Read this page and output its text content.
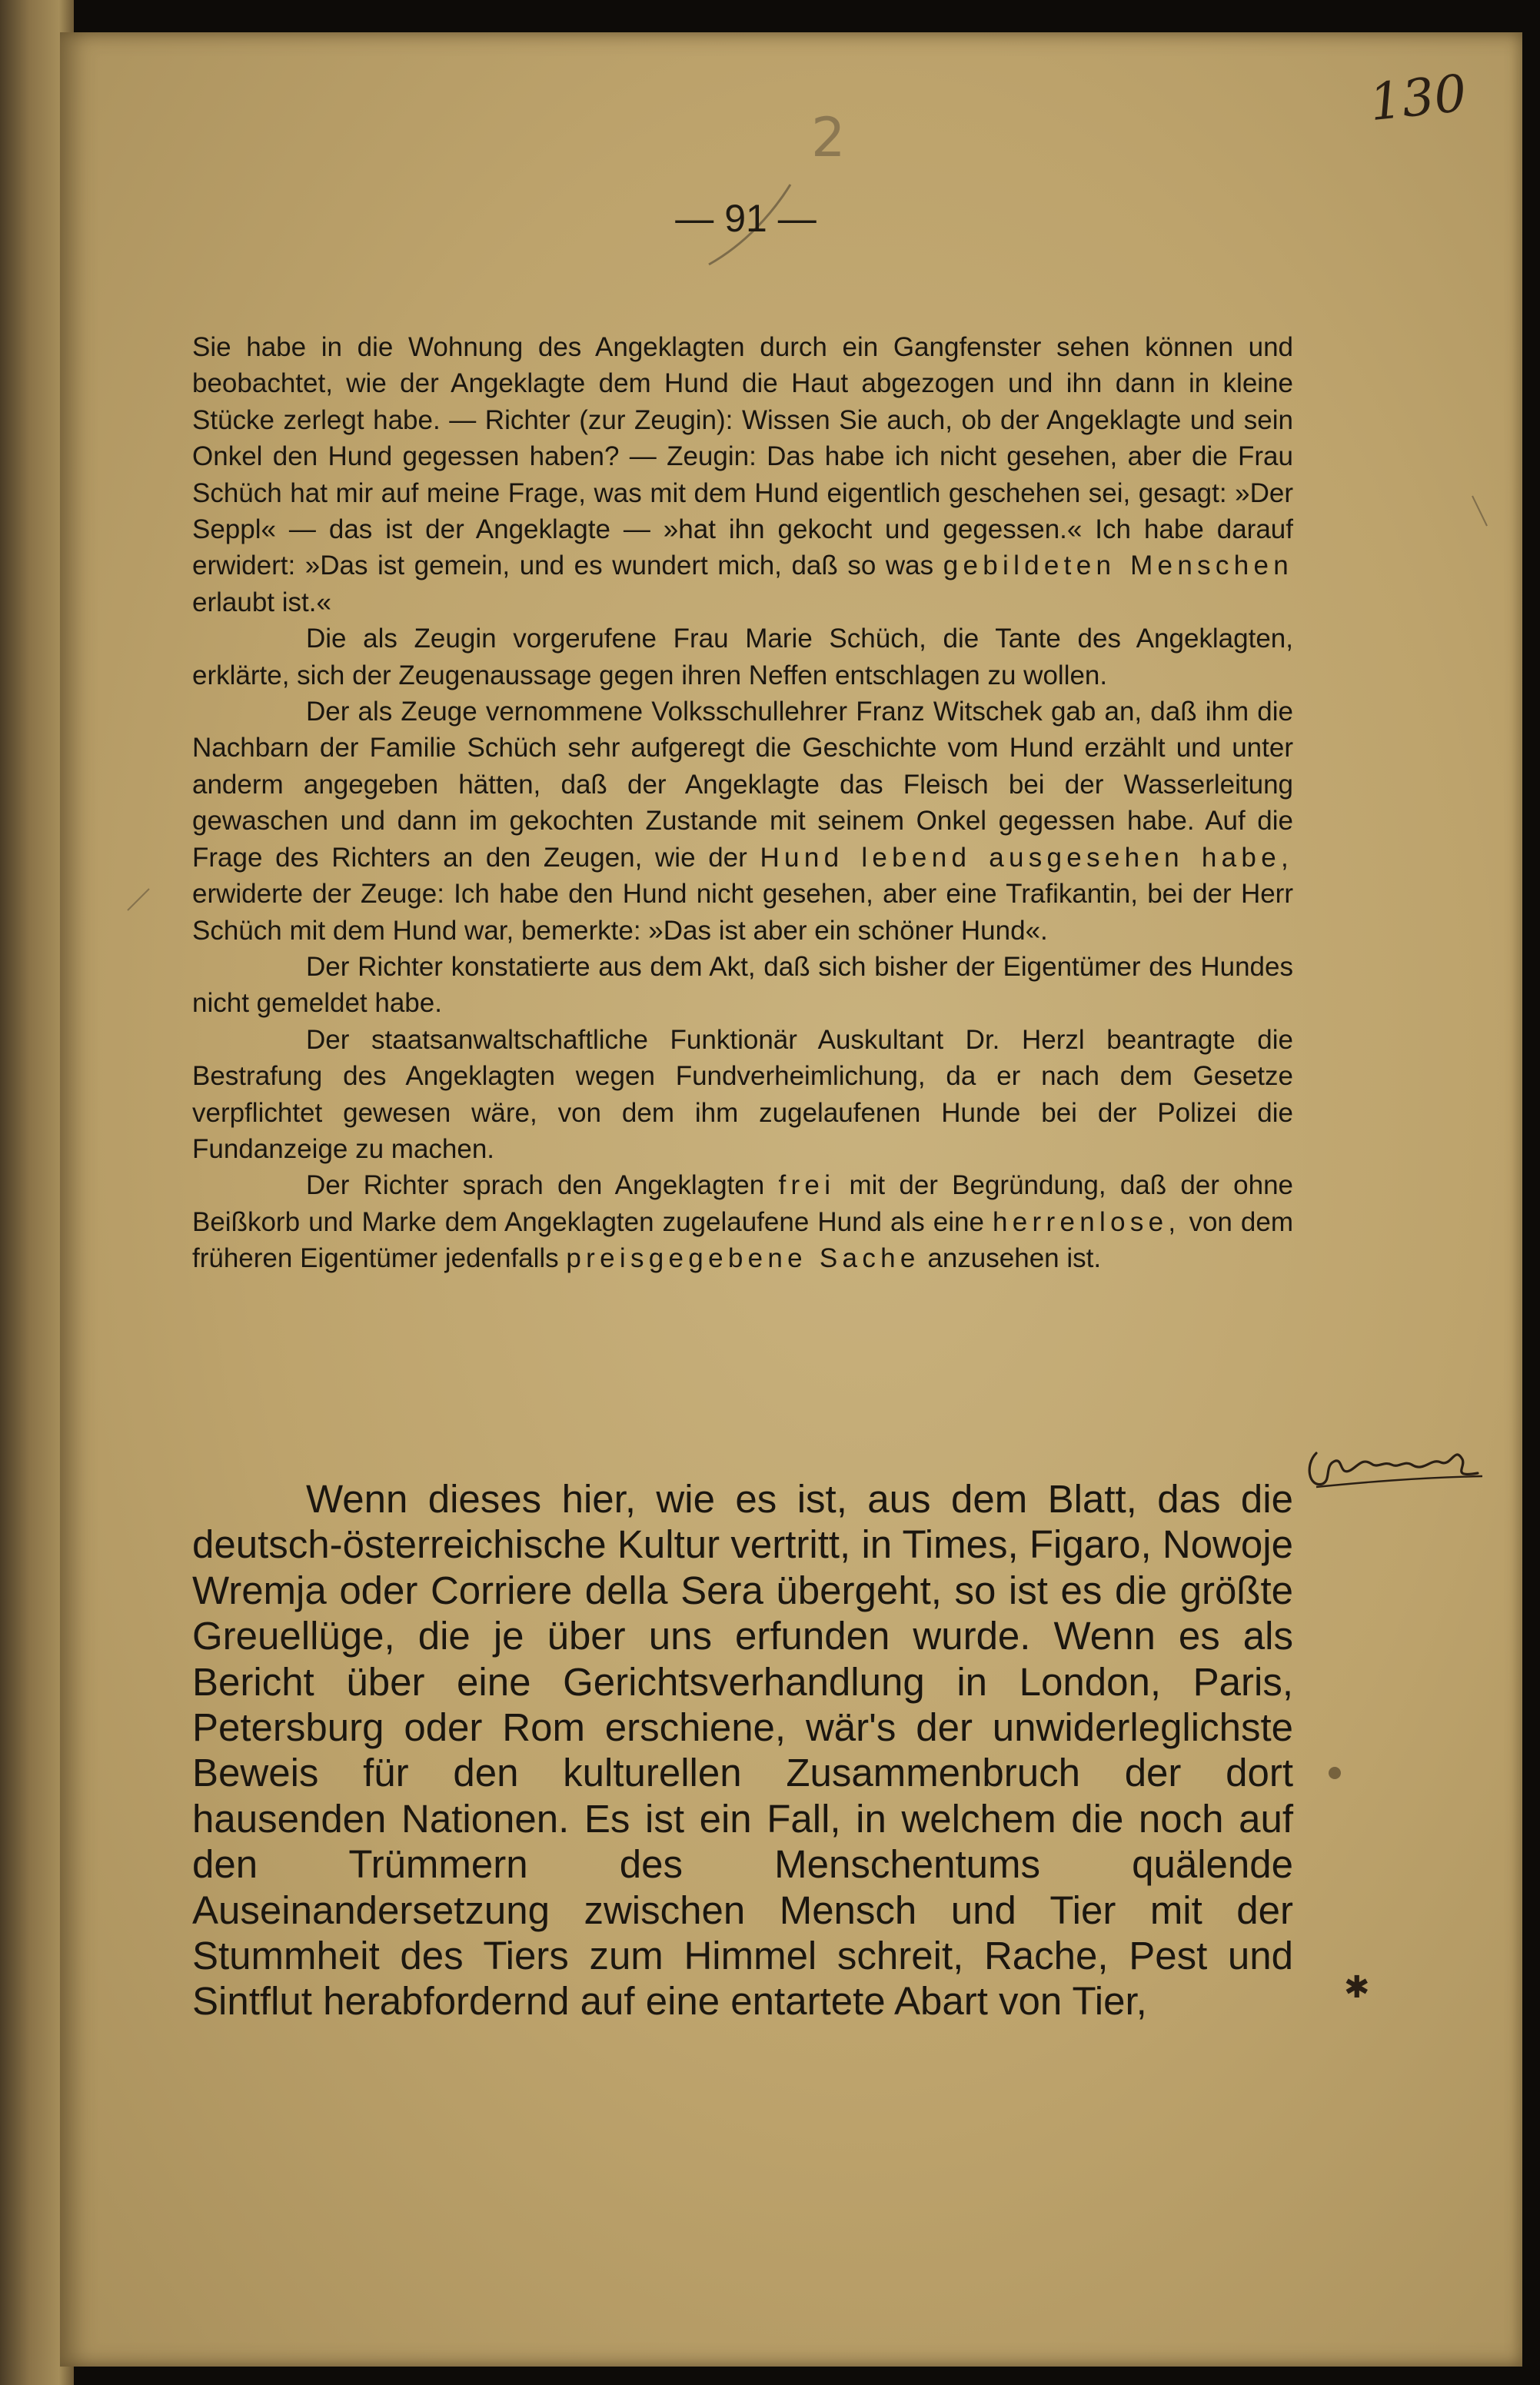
130
2
— 91 —

Sie habe in die Wohnung des Angeklagten durch ein Gangfenster sehen können und beobachtet, wie der Angeklagte dem Hund die Haut abgezogen und ihn dann in kleine Stücke zerlegt habe. — Richter (zur Zeugin): Wissen Sie auch, ob der Angeklagte und sein Onkel den Hund gegessen haben? — Zeugin: Das habe ich nicht gesehen, aber die Frau Schüch hat mir auf meine Frage, was mit dem Hund eigentlich geschehen sei, gesagt: »Der Seppl« — das ist der Angeklagte — »hat ihn gekocht und gegessen.« Ich habe darauf erwidert: »Das ist gemein, und es wundert mich, daß so was gebildeten Menschen erlaubt ist.«

Die als Zeugin vorgerufene Frau Marie Schüch, die Tante des Angeklagten, erklärte, sich der Zeugenaussage gegen ihren Neffen entschlagen zu wollen.

Der als Zeuge vernommene Volksschullehrer Franz Witschek gab an, daß ihm die Nachbarn der Familie Schüch sehr aufgeregt die Geschichte vom Hund erzählt und unter anderm angegeben hätten, daß der Angeklagte das Fleisch bei der Wasserleitung gewaschen und dann im gekochten Zustande mit seinem Onkel gegessen habe. Auf die Frage des Richters an den Zeugen, wie der Hund lebend ausgesehen habe, erwiderte der Zeuge: Ich habe den Hund nicht gesehen, aber eine Trafikantin, bei der Herr Schüch mit dem Hund war, bemerkte: »Das ist aber ein schöner Hund«.

Der Richter konstatierte aus dem Akt, daß sich bisher der Eigentümer des Hundes nicht gemeldet habe.

Der staatsanwaltschaftliche Funktionär Auskultant Dr. Herzl beantragte die Bestrafung des Angeklagten wegen Fundverheimlichung, da er nach dem Gesetze verpflichtet gewesen wäre, von dem ihm zugelaufenen Hunde bei der Polizei die Fundanzeige zu machen.

Der Richter sprach den Angeklagten frei mit der Begründung, daß der ohne Beißkorb und Marke dem Angeklagten zugelaufene Hund als eine herrenlose, von dem früheren Eigentümer jedenfalls preisgegebene Sache anzusehen ist.

Wenn dieses hier, wie es ist, aus dem Blatt, das die deutsch-österreichische Kultur vertritt, in Times, Figaro, Nowoje Wremja oder Corriere della Sera übergeht, so ist es die größte Greuellüge, die je über uns erfunden wurde. Wenn es als Bericht über eine Gerichtsverhandlung in London, Paris, Petersburg oder Rom erschiene, wär's der unwiderleglichste Beweis für den kulturellen Zusammenbruch der dort hausenden Nationen. Es ist ein Fall, in welchem die noch auf den Trümmern des Menschentums quälende Auseinandersetzung zwischen Mensch und Tier mit der Stummheit des Tiers zum Himmel schreit, Rache, Pest und Sintflut herabfordernd auf eine entartete Abart von Tier,	✱
